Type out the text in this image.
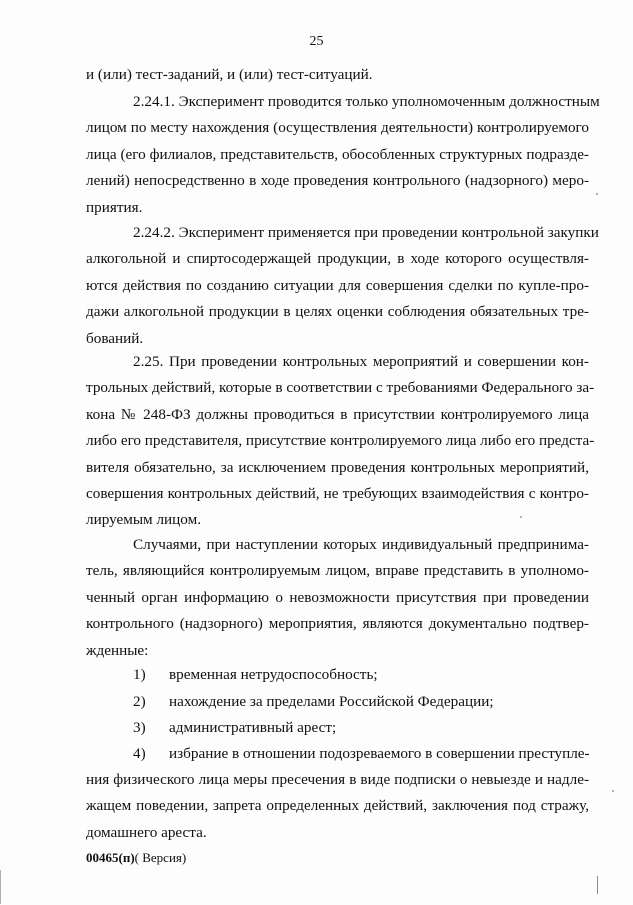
25
и (или) тест-заданий, и (или) тест-ситуаций.
2.24.1. Эксперимент проводится только уполномоченным должностным
лицом по месту нахождения (осуществления деятельности) контролируемого
лица (его филиалов, представительств, обособленных структурных подразде-
лений) непосредственно в ходе проведения контрольного (надзорного) меро-
приятия.
2.24.2. Эксперимент применяется при проведении контрольной закупки
алкогольной и спиртосодержащей продукции, в ходе которого осуществля-
ются действия по созданию ситуации для совершения сделки по купле-про-
дажи алкогольной продукции в целях оценки соблюдения обязательных тре-
бований.
2.25. При проведении контрольных мероприятий и совершении кон-
трольных действий, которые в соответствии с требованиями Федерального за-
кона № 248-ФЗ должны проводиться в присутствии контролируемого лица
либо его представителя, присутствие контролируемого лица либо его предста-
вителя обязательно, за исключением проведения контрольных мероприятий,
совершения контрольных действий, не требующих взаимодействия с контро-
лируемым лицом.
Случаями, при наступлении которых индивидуальный предпринима-
тель, являющийся контролируемым лицом, вправе представить в уполномо-
ченный орган информацию о невозможности присутствия при проведении
контрольного (надзорного) мероприятия, являются документально подтвер-
жденные:
1) временная нетрудоспособность;
2) нахождение за пределами Российской Федерации;
3) административный арест;
4) избрание в отношении подозреваемого в совершении преступле-
ния физического лица меры пресечения в виде подписки о невыезде и надле-
жащем поведении, запрета определенных действий, заключения под стражу,
домашнего ареста.
00465(п)( Версия)
